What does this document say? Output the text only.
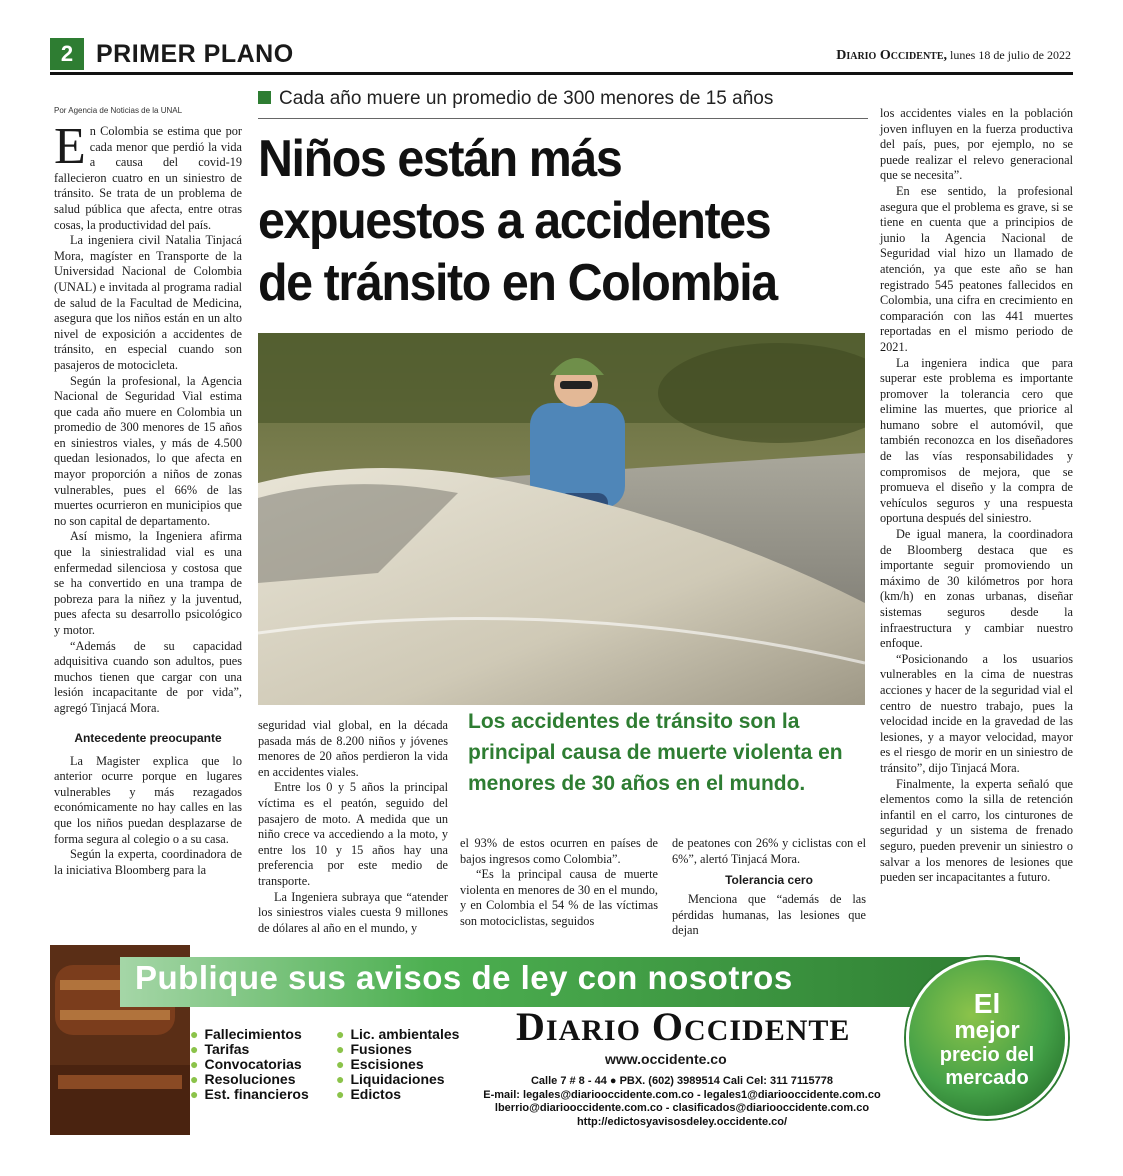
2 PRIMER PLANO	Diario Occidente, lunes 18 de julio de 2022
Por Agencia de Noticias de la UNAL

En Colombia se estima que por cada menor que perdió la vida a causa del covid-19 fallecieron cuatro en un siniestro de tránsito. Se trata de un problema de salud pública que afecta, entre otras cosas, la productividad del país.

La ingeniera civil Natalia Tinjacá Mora, magíster en Transporte de la Universidad Nacional de Colombia (UNAL) e invitada al programa radial de salud de la Facultad de Medicina, asegura que los niños están en un alto nivel de exposición a accidentes de tránsito, en especial cuando son pasajeros de motocicleta.

Según la profesional, la Agencia Nacional de Seguridad Vial estima que cada año muere en Colombia un promedio de 300 menores de 15 años en siniestros viales, y más de 4.500 quedan lesionados, lo que afecta en mayor proporción a niños de zonas vulnerables, pues el 66% de las muertes ocurrieron en municipios que no son capital de departamento.

Así mismo, la Ingeniera afirma que la siniestralidad vial es una enfermedad silenciosa y costosa que se ha convertido en una trampa de pobreza para la niñez y la juventud, pues afecta su desarrollo psicológico y motor.

“Además de su capacidad adquisitiva cuando son adultos, pues muchos tienen que cargar con una lesión incapacitante de por vida”, agregó Tinjacá Mora.

Antecedente preocupante

La Magister explica que lo anterior ocurre porque en lugares vulnerables y más rezagados económicamente no hay calles en las que los niños puedan desplazarse de forma segura al colegio o a su casa.

Según la experta, coordinadora de la iniciativa Bloomberg para la

Cada año muere un promedio de 300 menores de 15 años
Niños están más
expuestos a accidentes
de tránsito en Colombia
Los accidentes de tránsito son la principal causa de muerte violenta en menores de 30 años en el mundo.

seguridad vial global, en la década pasada más de 8.200 niños y jóvenes menores de 20 años perdieron la vida en accidentes viales.

Entre los 0 y 5 años la principal víctima es el peatón, seguido del pasajero de moto. A medida que un niño crece va accediendo a la moto, y entre los 10 y 15 años hay una preferencia por este medio de transporte.

La Ingeniera subraya que “atender los siniestros viales cuesta 9 millones de dólares al año en el mundo, y

el 93% de estos ocurren en países de bajos ingresos como Colombia”.

“Es la principal causa de muerte violenta en menores de 30 en el mundo, y en Colombia el 54 % de las víctimas son motociclistas, seguidos

de peatones con 26% y ciclistas con el 6%”, alertó Tinjacá Mora.

Tolerancia cero

Menciona que “además de las pérdidas humanas, las lesiones que dejan

los accidentes viales en la población joven influyen en la fuerza productiva del país, pues, por ejemplo, no se puede realizar el relevo generacional que se necesita”.

En ese sentido, la profesional asegura que el problema es grave, si se tiene en cuenta que a principios de junio la Agencia Nacional de Seguridad vial hizo un llamado de atención, ya que este año se han registrado 545 peatones fallecidos en Colombia, una cifra en crecimiento en comparación con las 441 muertes reportadas en el mismo periodo de 2021.

La ingeniera indica que para superar este problema es importante promover la tolerancia cero que elimine las muertes, que priorice al humano sobre el automóvil, que también reconozca en los diseñadores de las vías responsabilidades y compromisos de mejora, que se promueva el diseño y la compra de vehículos seguros y una respuesta oportuna después del siniestro.

De igual manera, la coordinadora de Bloomberg destaca que es importante seguir promoviendo un máximo de 30 kilómetros por hora (km/h) en zonas urbanas, diseñar sistemas seguros desde la infraestructura y cambiar nuestro enfoque.

“Posicionando a los usuarios vulnerables en la cima de nuestras acciones y hacer de la seguridad vial el centro de nuestro trabajo, pues la velocidad incide en la gravedad de las lesiones, y a mayor velocidad, mayor es el riesgo de morir en un siniestro de tránsito”, dijo Tinjacá Mora.

Finalmente, la experta señaló que elementos como la silla de retención infantil en el carro, los cinturones de seguridad y un sistema de frenado seguro, pueden prevenir un siniestro o salvar a los menores de lesiones que pueden ser incapacitantes a futuro.

Publique sus avisos de ley con nosotros
● Fallecimientos
● Tarifas
● Convocatorias
● Resoluciones
● Est. financieros
● Lic. ambientales
● Fusiones
● Escisiones
● Liquidaciones
● Edictos
DIARIO OCCIDENTE
www.occidente.co
Calle 7 # 8 - 44 ● PBX. (602) 3989514 Cali Cel: 311 7115778
E-mail: legales@diariooccidente.com.co - legales1@diariooccidente.com.co
lberrio@diariooccidente.com.co - clasificados@diariooccidente.com.co
http://edictosyavisosdeley.occidente.co/
El
mejor
precio del
mercado
